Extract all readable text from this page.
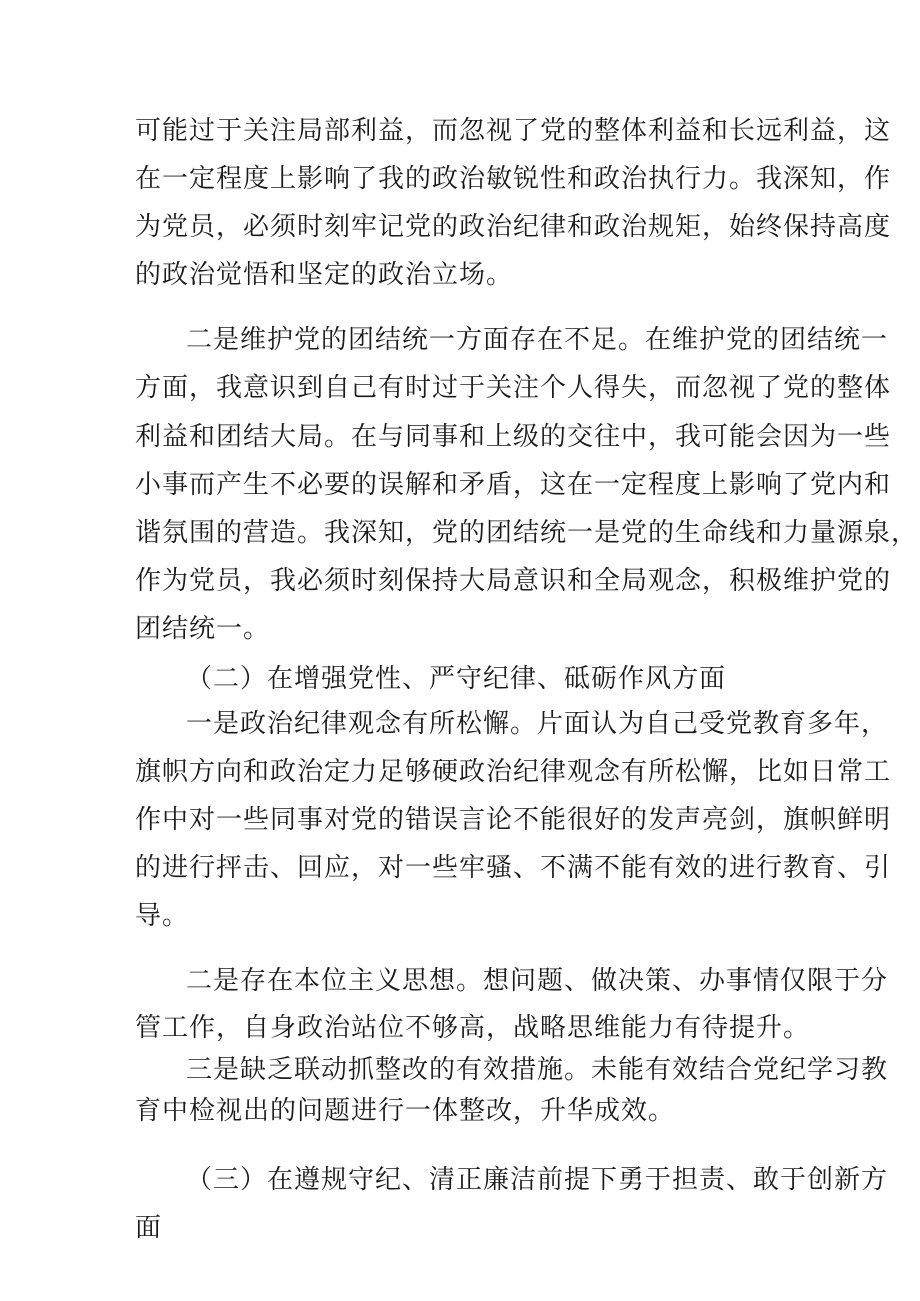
可能过于关注局部利益，而忽视了党的整体利益和长远利益，这

在一定程度上影响了我的政治敏锐性和政治执行力。我深知，作

为党员，必须时刻牢记党的政治纪律和政治规矩，始终保持高度

的政治觉悟和坚定的政治立场。

二是维护党的团结统一方面存在不足。在维护党的团结统一

方面，我意识到自己有时过于关注个人得失，而忽视了党的整体

利益和团结大局。在与同事和上级的交往中，我可能会因为一些

小事而产生不必要的误解和矛盾，这在一定程度上影响了党内和

谐氛围的营造。我深知，党的团结统一是党的生命线和力量源泉，

作为党员，我必须时刻保持大局意识和全局观念，积极维护党的

团结统一。

（二）在增强党性、严守纪律、砥砺作风方面

一是政治纪律观念有所松懈。片面认为自己受党教育多年，

旗帜方向和政治定力足够硬政治纪律观念有所松懈，比如日常工

作中对一些同事对党的错误言论不能很好的发声亮剑，旗帜鲜明

的进行抨击、回应，对一些牢骚、不满不能有效的进行教育、引

导。

二是存在本位主义思想。想问题、做决策、办事情仅限于分

管工作，自身政治站位不够高，战略思维能力有待提升。

三是缺乏联动抓整改的有效措施。未能有效结合党纪学习教

育中检视出的问题进行一体整改，升华成效。

（三）在遵规守纪、清正廉洁前提下勇于担责、敢于创新方

面
